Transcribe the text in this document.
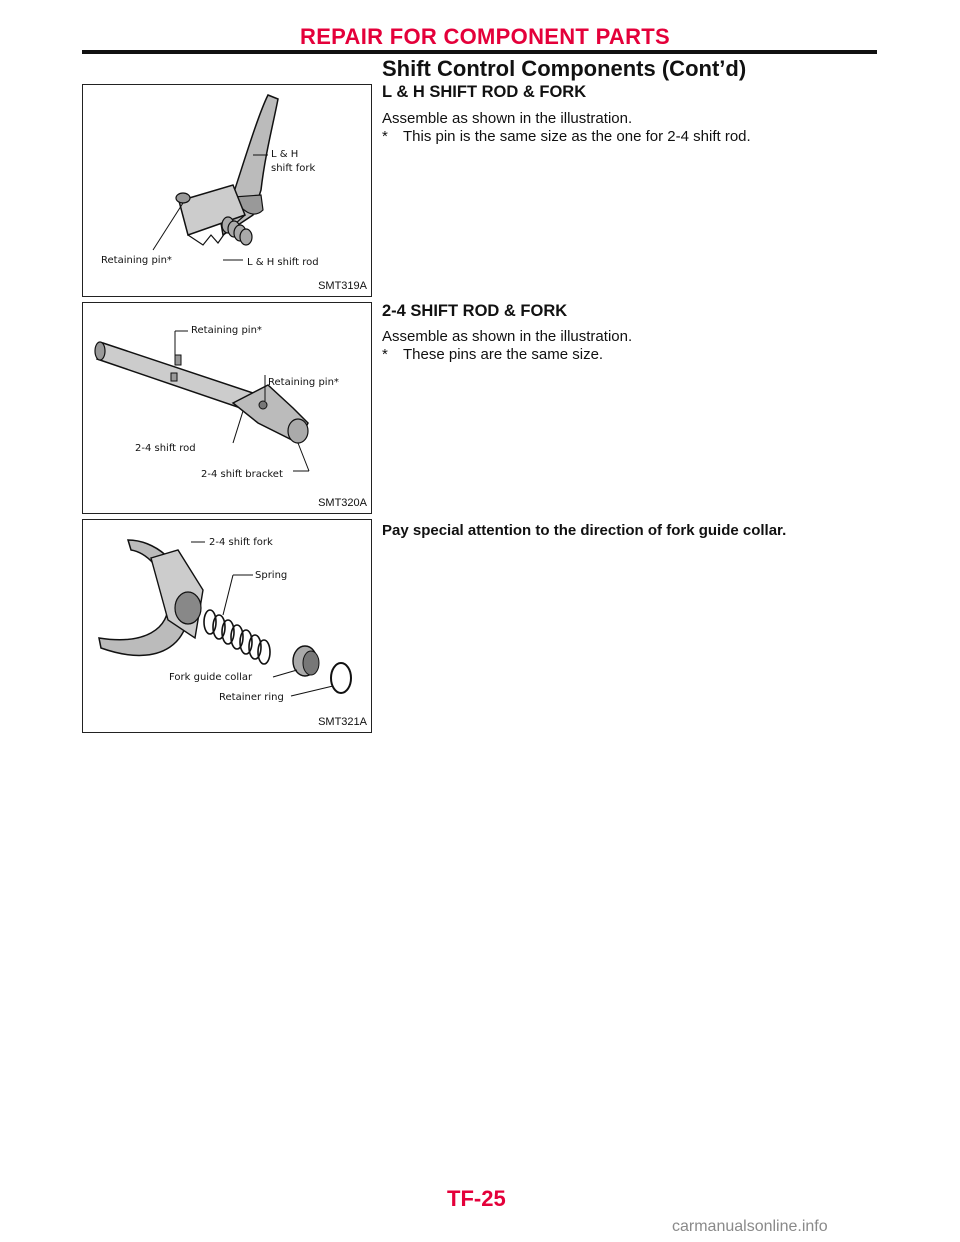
REPAIR FOR COMPONENT PARTS
Shift Control Components (Cont’d)
L & H
shift fork
Retaining pin*	L & H shift rod
SMT319A
L & H SHIFT ROD & FORK
Assemble as shown in the illustration.
* This pin is the same size as the one for 2-4 shift rod.
Retaining pin*
Retaining pin*
2-4 shift rod
2-4 shift bracket
SMT320A
2-4 SHIFT ROD & FORK
Assemble as shown in the illustration.
* These pins are the same size.
2-4 shift fork
Spring
Fork guide collar
Retainer ring
SMT321A
Pay special attention to the direction of fork guide collar.
TF-25
carmanualsonline.info
